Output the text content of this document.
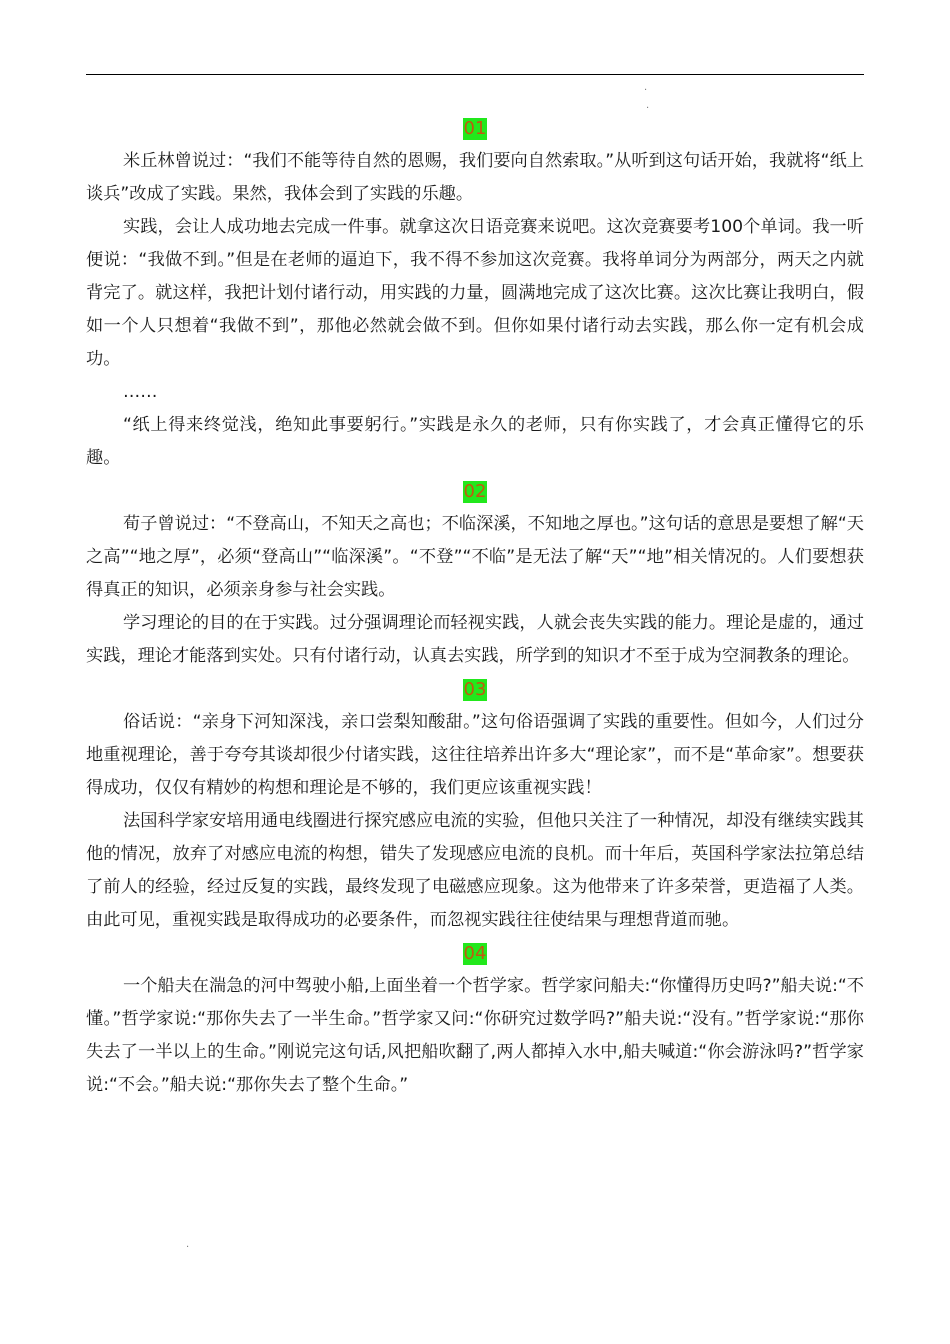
·
·
·
01

米丘林曾说过：“我们不能等待自然的恩赐，我们要向自然索取。”从听到这句话开始，我就将“纸上谈兵”改成了实践。果然，我体会到了实践的乐趣。

实践，会让人成功地去完成一件事。就拿这次日语竞赛来说吧。这次竞赛要考100个单词。我一听便说：“我做不到。”但是在老师的逼迫下，我不得不参加这次竞赛。我将单词分为两部分，两天之内就背完了。就这样，我把计划付诸行动，用实践的力量，圆满地完成了这次比赛。这次比赛让我明白，假如一个人只想着“我做不到”，那他必然就会做不到。但你如果付诸行动去实践，那么你一定有机会成功。

……

“纸上得来终觉浅，绝知此事要躬行。”实践是永久的老师，只有你实践了，才会真正懂得它的乐趣。

02

荀子曾说过：“不登高山，不知天之高也；不临深溪，不知地之厚也。”这句话的意思是要想了解“天之高”“地之厚”，必须“登高山”“临深溪”。“不登”“不临”是无法了解“天”“地”相关情况的。人们要想获得真正的知识，必须亲身参与社会实践。

学习理论的目的在于实践。过分强调理论而轻视实践，人就会丧失实践的能力。理论是虚的，通过实践，理论才能落到实处。只有付诸行动，认真去实践，所学到的知识才不至于成为空洞教条的理论。

03

俗话说：“亲身下河知深浅，亲口尝梨知酸甜。”这句俗语强调了实践的重要性。但如今，人们过分地重视理论，善于夸夸其谈却很少付诸实践，这往往培养出许多大“理论家”，而不是“革命家”。想要获得成功，仅仅有精妙的构想和理论是不够的，我们更应该重视实践！

法国科学家安培用通电线圈进行探究感应电流的实验，但他只关注了一种情况，却没有继续实践其他的情况，放弃了对感应电流的构想，错失了发现感应电流的良机。而十年后，英国科学家法拉第总结了前人的经验，经过反复的实践，最终发现了电磁感应现象。这为他带来了许多荣誉，更造福了人类。由此可见，重视实践是取得成功的必要条件，而忽视实践往往使结果与理想背道而驰。

04

一个船夫在湍急的河中驾驶小船,上面坐着一个哲学家。哲学家问船夫:“你懂得历史吗?”船夫说:“不懂。”哲学家说:“那你失去了一半生命。”哲学家又问:“你研究过数学吗?”船夫说:“没有。”哲学家说:“那你失去了一半以上的生命。”刚说完这句话,风把船吹翻了,两人都掉入水中,船夫喊道:“你会游泳吗?”哲学家说:“不会。”船夫说:“那你失去了整个生命。”
